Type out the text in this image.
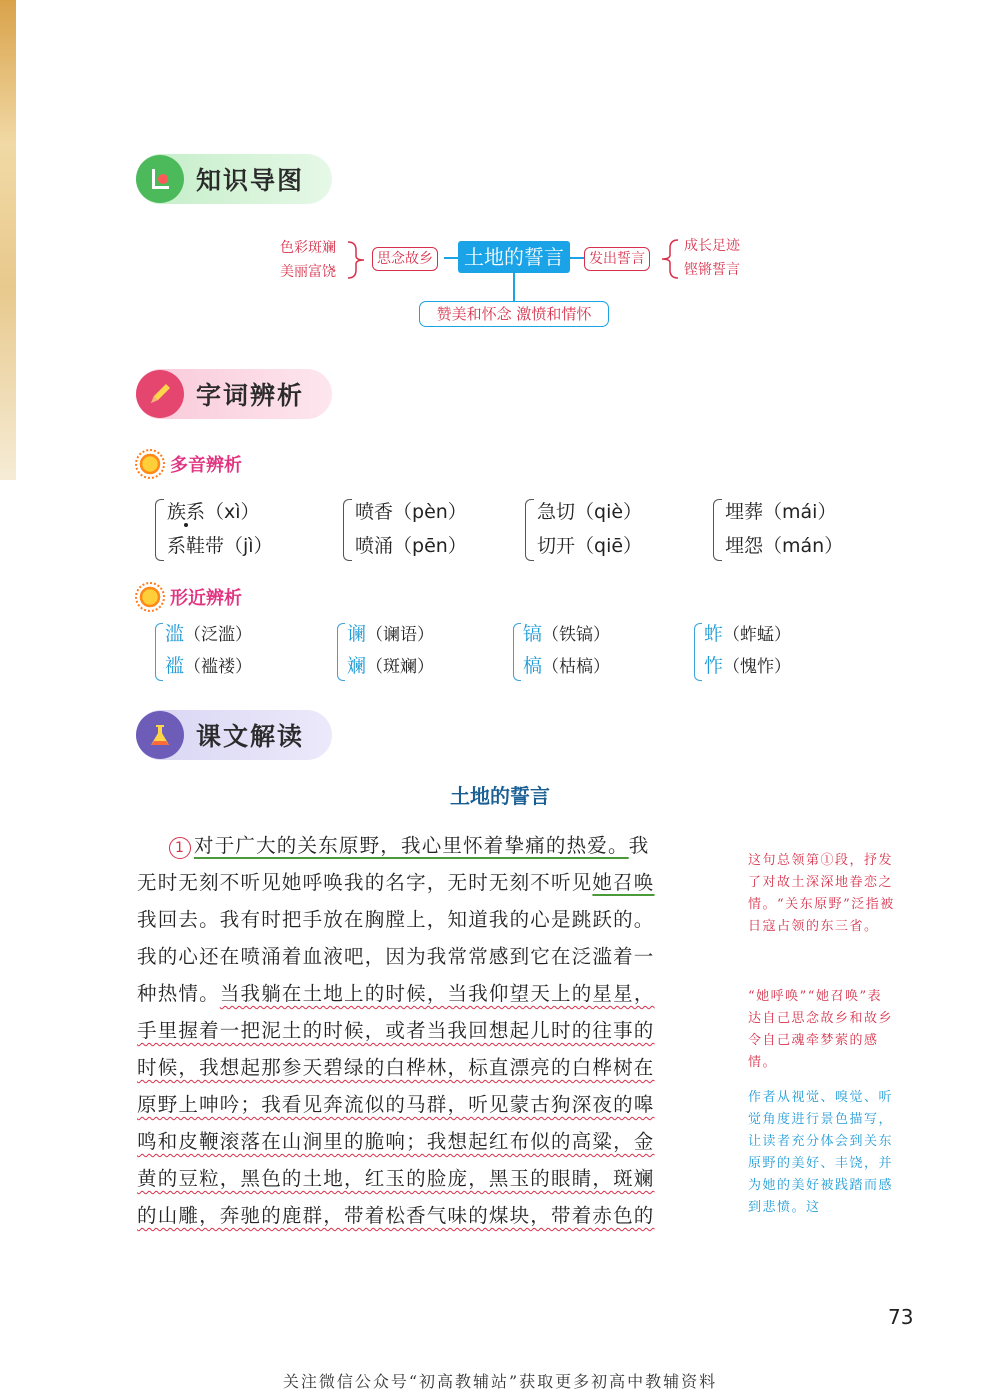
知识导图
色彩斑斓
美丽富饶
思念故乡	土地的誓言	发出誓言
成长足迹
铿锵誓言
赞美和怀念 激愤和情怀
字词辨析
多音辨析
族系（xì）
系鞋带（jì）
喷香（pèn）
喷涌（pēn）
急切（qiè）
切开（qiē）
埋葬（mái）
埋怨（mán）
形近辨析
滥（泛滥）
褴（褴褛）
谰（谰语）
斓（斑斓）
镐（铁镐）
槁（枯槁）
蚱（蚱蜢）
怍（愧怍）
课文解读
土地的誓言
1 对于广大的关东原野，我心里怀着挚痛的热爱。我
无时无刻不听见她呼唤我的名字，无时无刻不听见她召唤
我回去。我有时把手放在胸膛上，知道我的心是跳跃的。
我的心还在喷涌着血液吧，因为我常常感到它在泛滥着一
种热情。当我躺在土地上的时候，当我仰望天上的星星，
手里握着一把泥土的时候，或者当我回想起儿时的往事的
时候，我想起那参天碧绿的白桦林，标直漂亮的白桦树在
原野上呻吟；我看见奔流似的马群，听见蒙古狗深夜的嗥
鸣和皮鞭滚落在山涧里的脆响；我想起红布似的高粱，金
黄的豆粒，黑色的土地，红玉的脸庞，黑玉的眼睛，斑斓
的山雕，奔驰的鹿群，带着松香气味的煤块，带着赤色的
这句总领第①段，抒发了对故土深深地眷恋之情。“关东原野”泛指被日寇占领的东三省。
“她呼唤”“她召唤”表达自己思念故乡和故乡令自己魂牵梦萦的感情。
作者从视觉、嗅觉、听觉角度进行景色描写，让读者充分体会到关东原野的美好、丰饶，并为她的美好被践踏而感到悲愤。这
73
关注微信公众号“初高教辅站”获取更多初高中教辅资料
